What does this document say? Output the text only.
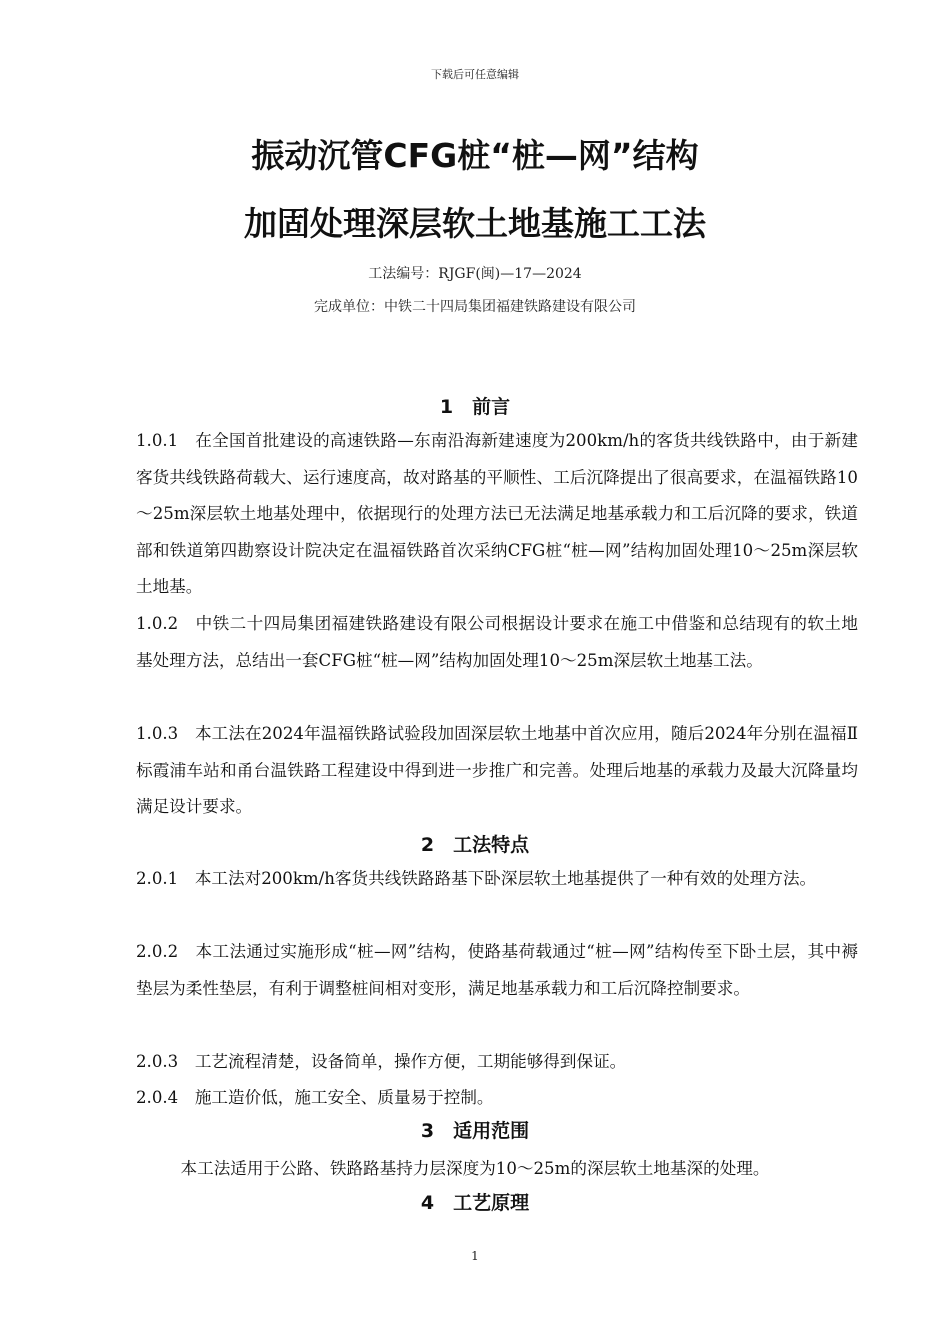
下载后可任意编辑
振动沉管CFG桩“桩—网”结构
加固处理深层软土地基施工工法
工法编号：RJGF(闽)—17—2024
完成单位：中铁二十四局集团福建铁路建设有限公司
1　前言
1.0.1　在全国首批建设的高速铁路—东南沿海新建速度为200km/h的客货共线铁路中，由于新建客货共线铁路荷载大、运行速度高，故对路基的平顺性、工后沉降提出了很高要求，在温福铁路10～25m深层软土地基处理中，依据现行的处理方法已无法满足地基承载力和工后沉降的要求，铁道部和铁道第四勘察设计院决定在温福铁路首次采纳CFG桩“桩—网”结构加固处理10～25m深层软土地基。
1.0.2　中铁二十四局集团福建铁路建设有限公司根据设计要求在施工中借鉴和总结现有的软土地基处理方法，总结出一套CFG桩“桩—网”结构加固处理10～25m深层软土地基工法。
1.0.3　本工法在2024年温福铁路试验段加固深层软土地基中首次应用，随后2024年分别在温福Ⅱ标霞浦车站和甬台温铁路工程建设中得到进一步推广和完善。处理后地基的承载力及最大沉降量均满足设计要求。
2　工法特点
2.0.1　本工法对200km/h客货共线铁路路基下卧深层软土地基提供了一种有效的处理方法。
2.0.2　本工法通过实施形成“桩—网”结构，使路基荷载通过“桩—网”结构传至下卧土层，其中褥垫层为柔性垫层，有利于调整桩间相对变形，满足地基承载力和工后沉降控制要求。
2.0.3　工艺流程清楚，设备简单，操作方便，工期能够得到保证。
2.0.4　施工造价低，施工安全、质量易于控制。
3　适用范围
本工法适用于公路、铁路路基持力层深度为10～25m的深层软土地基深的处理。
4　工艺原理
1
